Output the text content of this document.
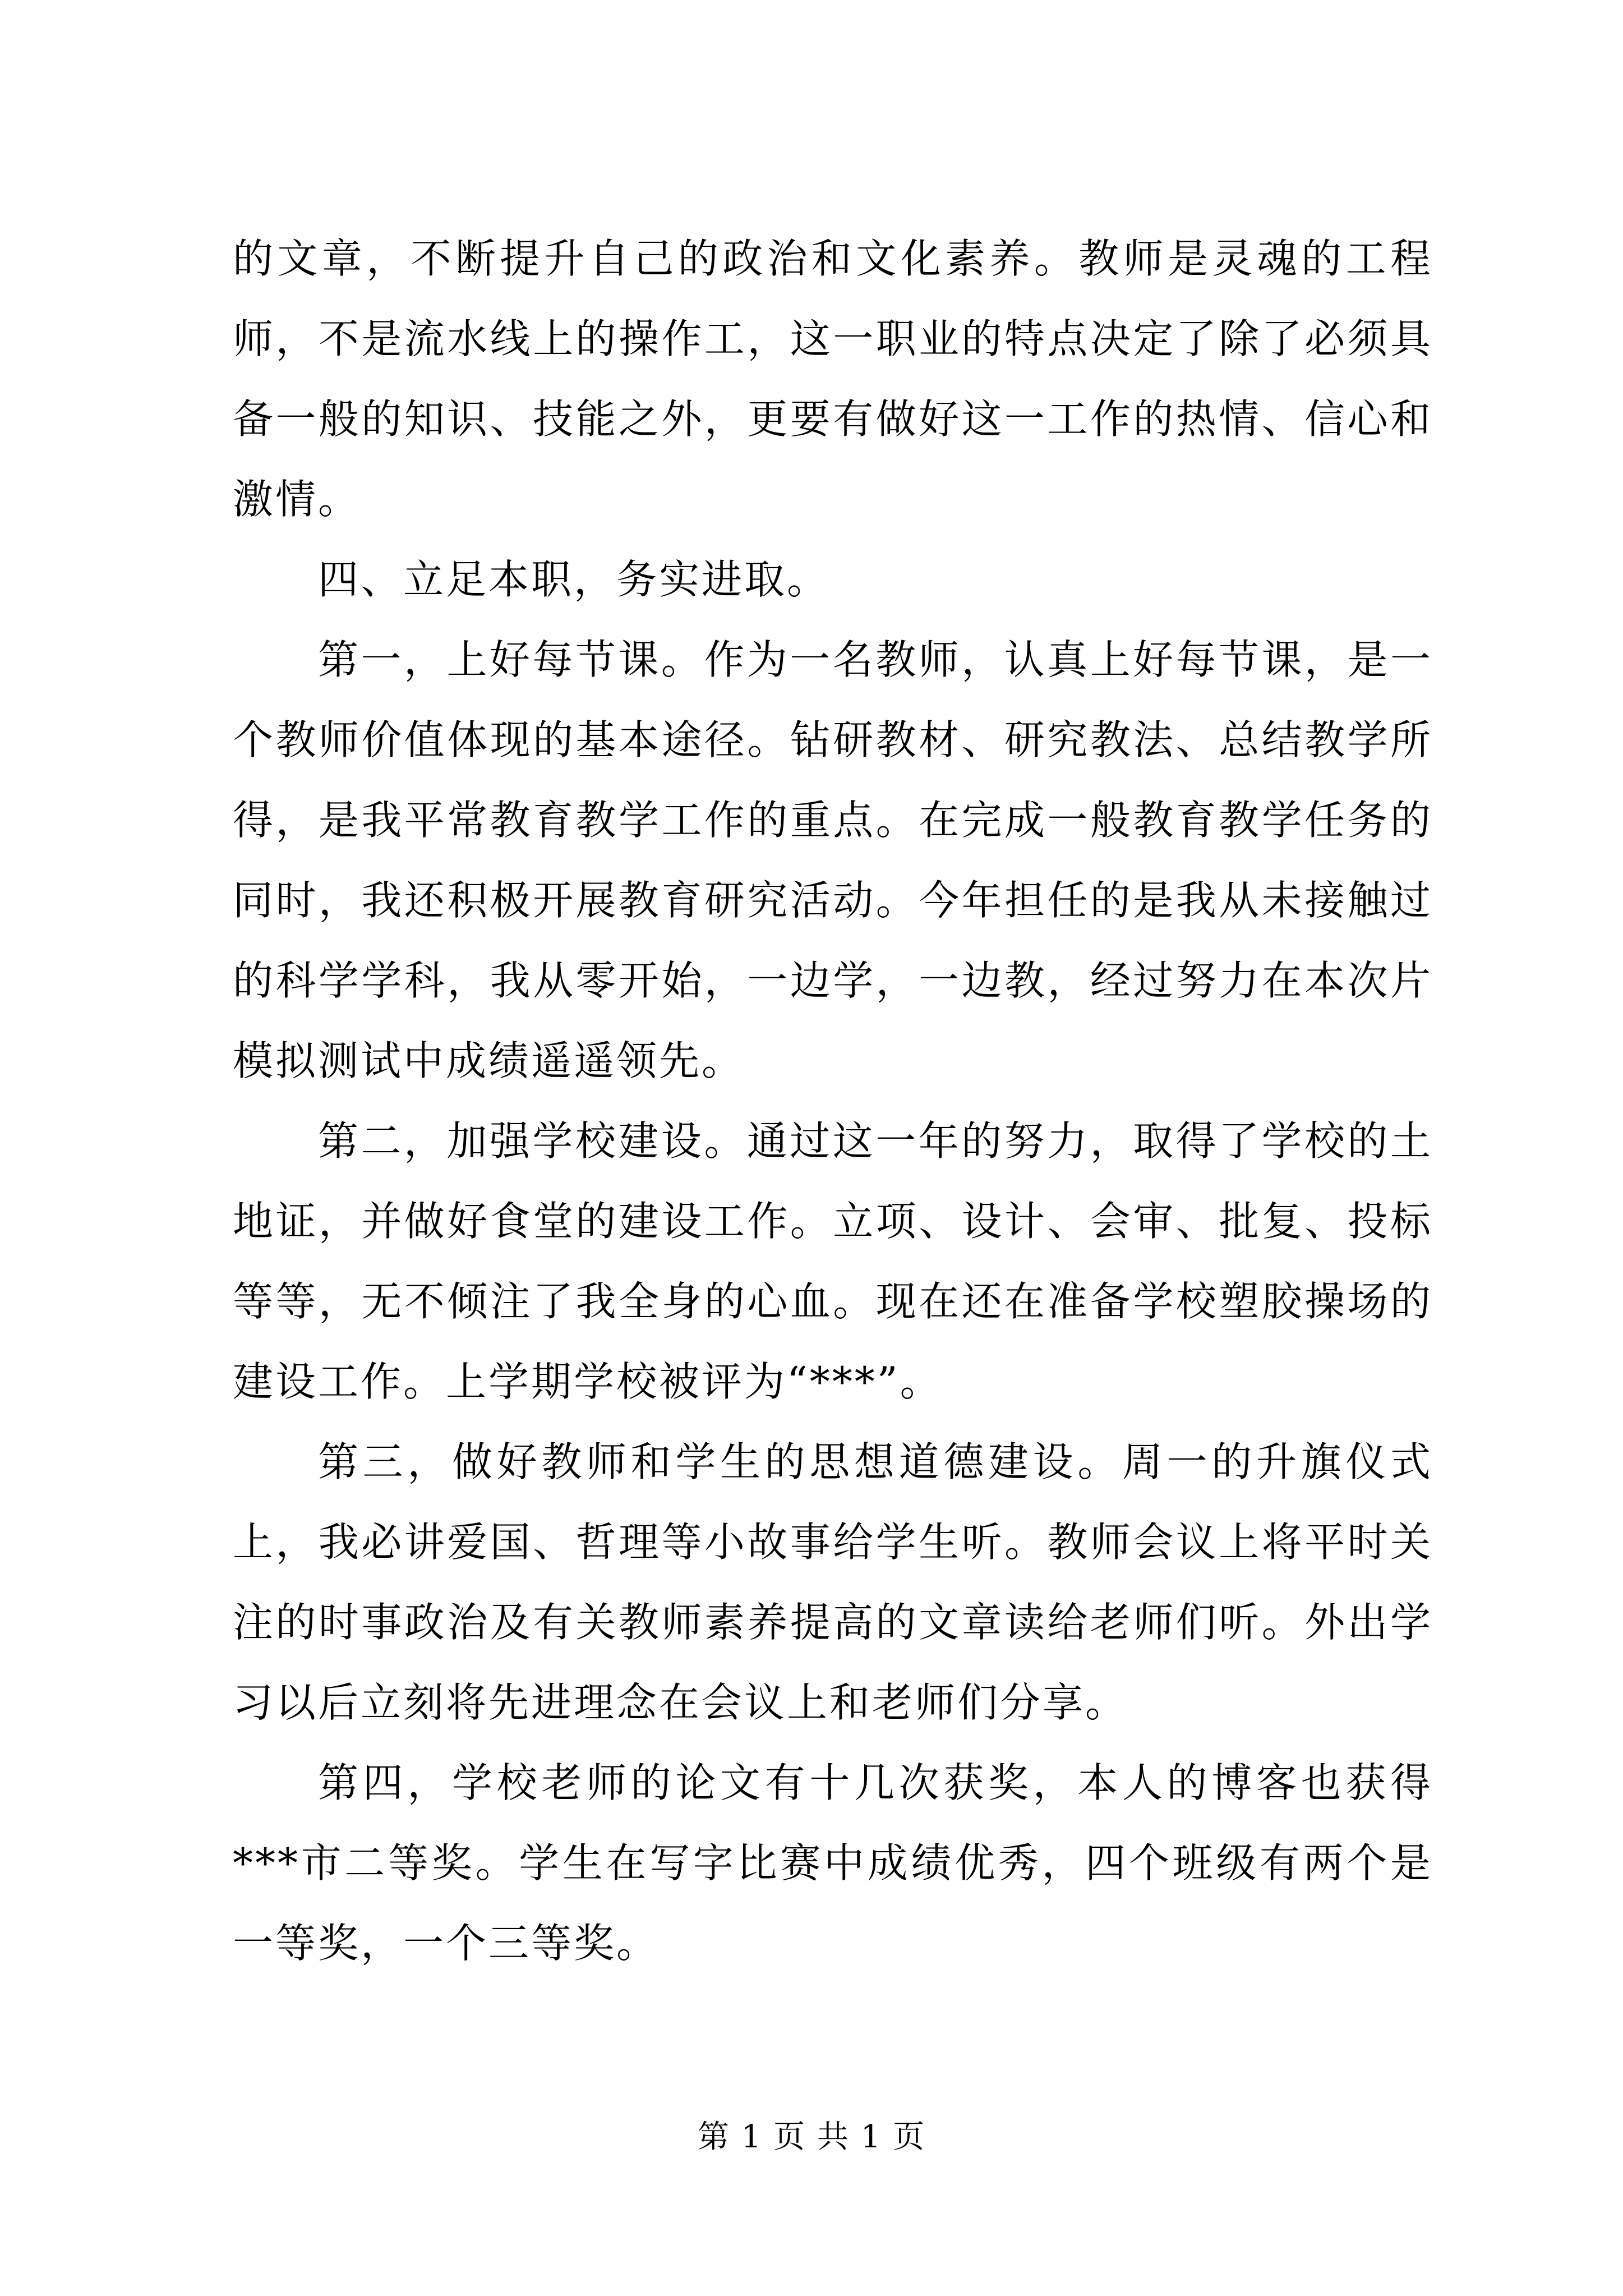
的文章，不断提升自己的政治和文化素养。教师是灵魂的工程师，不是流水线上的操作工，这一职业的特点决定了除了必须具备一般的知识、技能之外，更要有做好这一工作的热情、信心和激情。

四、立足本职，务实进取。

第一，上好每节课。作为一名教师，认真上好每节课，是一个教师价值体现的基本途径。钻研教材、研究教法、总结教学所得，是我平常教育教学工作的重点。在完成一般教育教学任务的同时，我还积极开展教育研究活动。今年担任的是我从未接触过的科学学科，我从零开始，一边学，一边教，经过努力在本次片模拟测试中成绩遥遥领先。

第二，加强学校建设。通过这一年的努力，取得了学校的土地证，并做好食堂的建设工作。立项、设计、会审、批复、投标等等，无不倾注了我全身的心血。现在还在准备学校塑胶操场的建设工作。上学期学校被评为“***”。

第三，做好教师和学生的思想道德建设。周一的升旗仪式上，我必讲爱国、哲理等小故事给学生听。教师会议上将平时关注的时事政治及有关教师素养提高的文章读给老师们听。外出学习以后立刻将先进理念在会议上和老师们分享。

第四，学校老师的论文有十几次获奖，本人的博客也获得***市二等奖。学生在写字比赛中成绩优秀，四个班级有两个是一等奖，一个三等奖。

第 1 页 共 1 页
